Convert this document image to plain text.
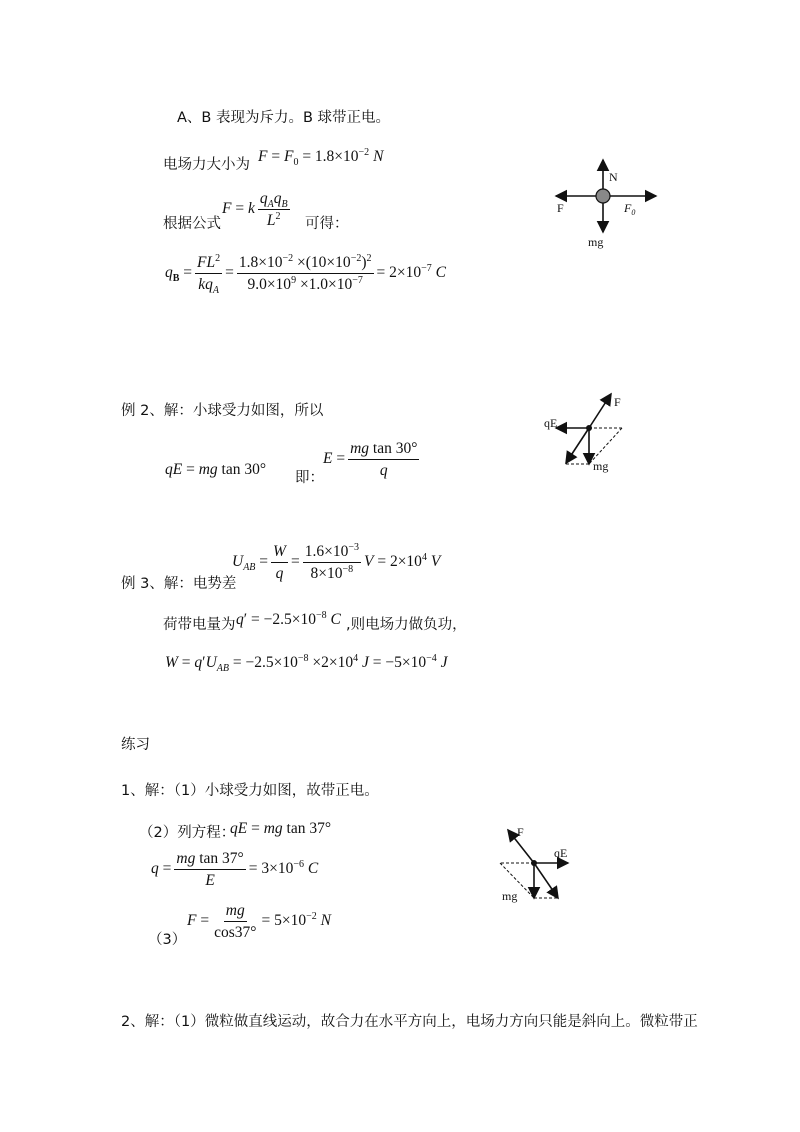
A、B 表现为斥力。B 球带正电。
电场力大小为 $F = F_0 = 1.8\times 10^{-2}$ N
根据公式
F = k $\frac{q_Aq_B}{L^2}$ 可得：
$q_B = \frac{FL^2}{kq_A} = \frac{1.8\times 10^{-2} \times(10\times 10^{-2})^2}{9.0\times 10^9 \times 1.0\times 10^{-7}} = 2\times 10^{-7}$ C
N
F	$F_0$
mg
例 2、解：小球受力如图，所以
qE = mg tan 30° 即：
$E = \frac{\text{mg tan 30°}}{q}$
F
qE
mg
$U_{AB} = \frac{W}{q} = \frac{1.6\times 10^{-3}}{8\times 10^{-8}}$ $V = 2\times 10^4$ V
例 3、解：电势差
荷带电量为 $q' = -2.5\times 10^{-8}$ C ,则电场力做负功，
$W = q'U_{AB} = -2.5\times 10^{-8} \times 2\times 10^4$ $J = -5\times 10^{-4}$ J
练习
1、解：（1）小球受力如图，故带正电。
（2）列方程：
qE = mg tan 37°
$q = \frac{\text{mg tan 37°}}{E} = 3\times 10^{-6}$ C
$F = \frac{mg}{\cos 37^\circ} = 5\times 10^{-2}$ N
（3）
F
qE
mg
2、解：（1）微粒做直线运动，故合力在水平方向上，电场力方向只能是斜向上。微粒带正
